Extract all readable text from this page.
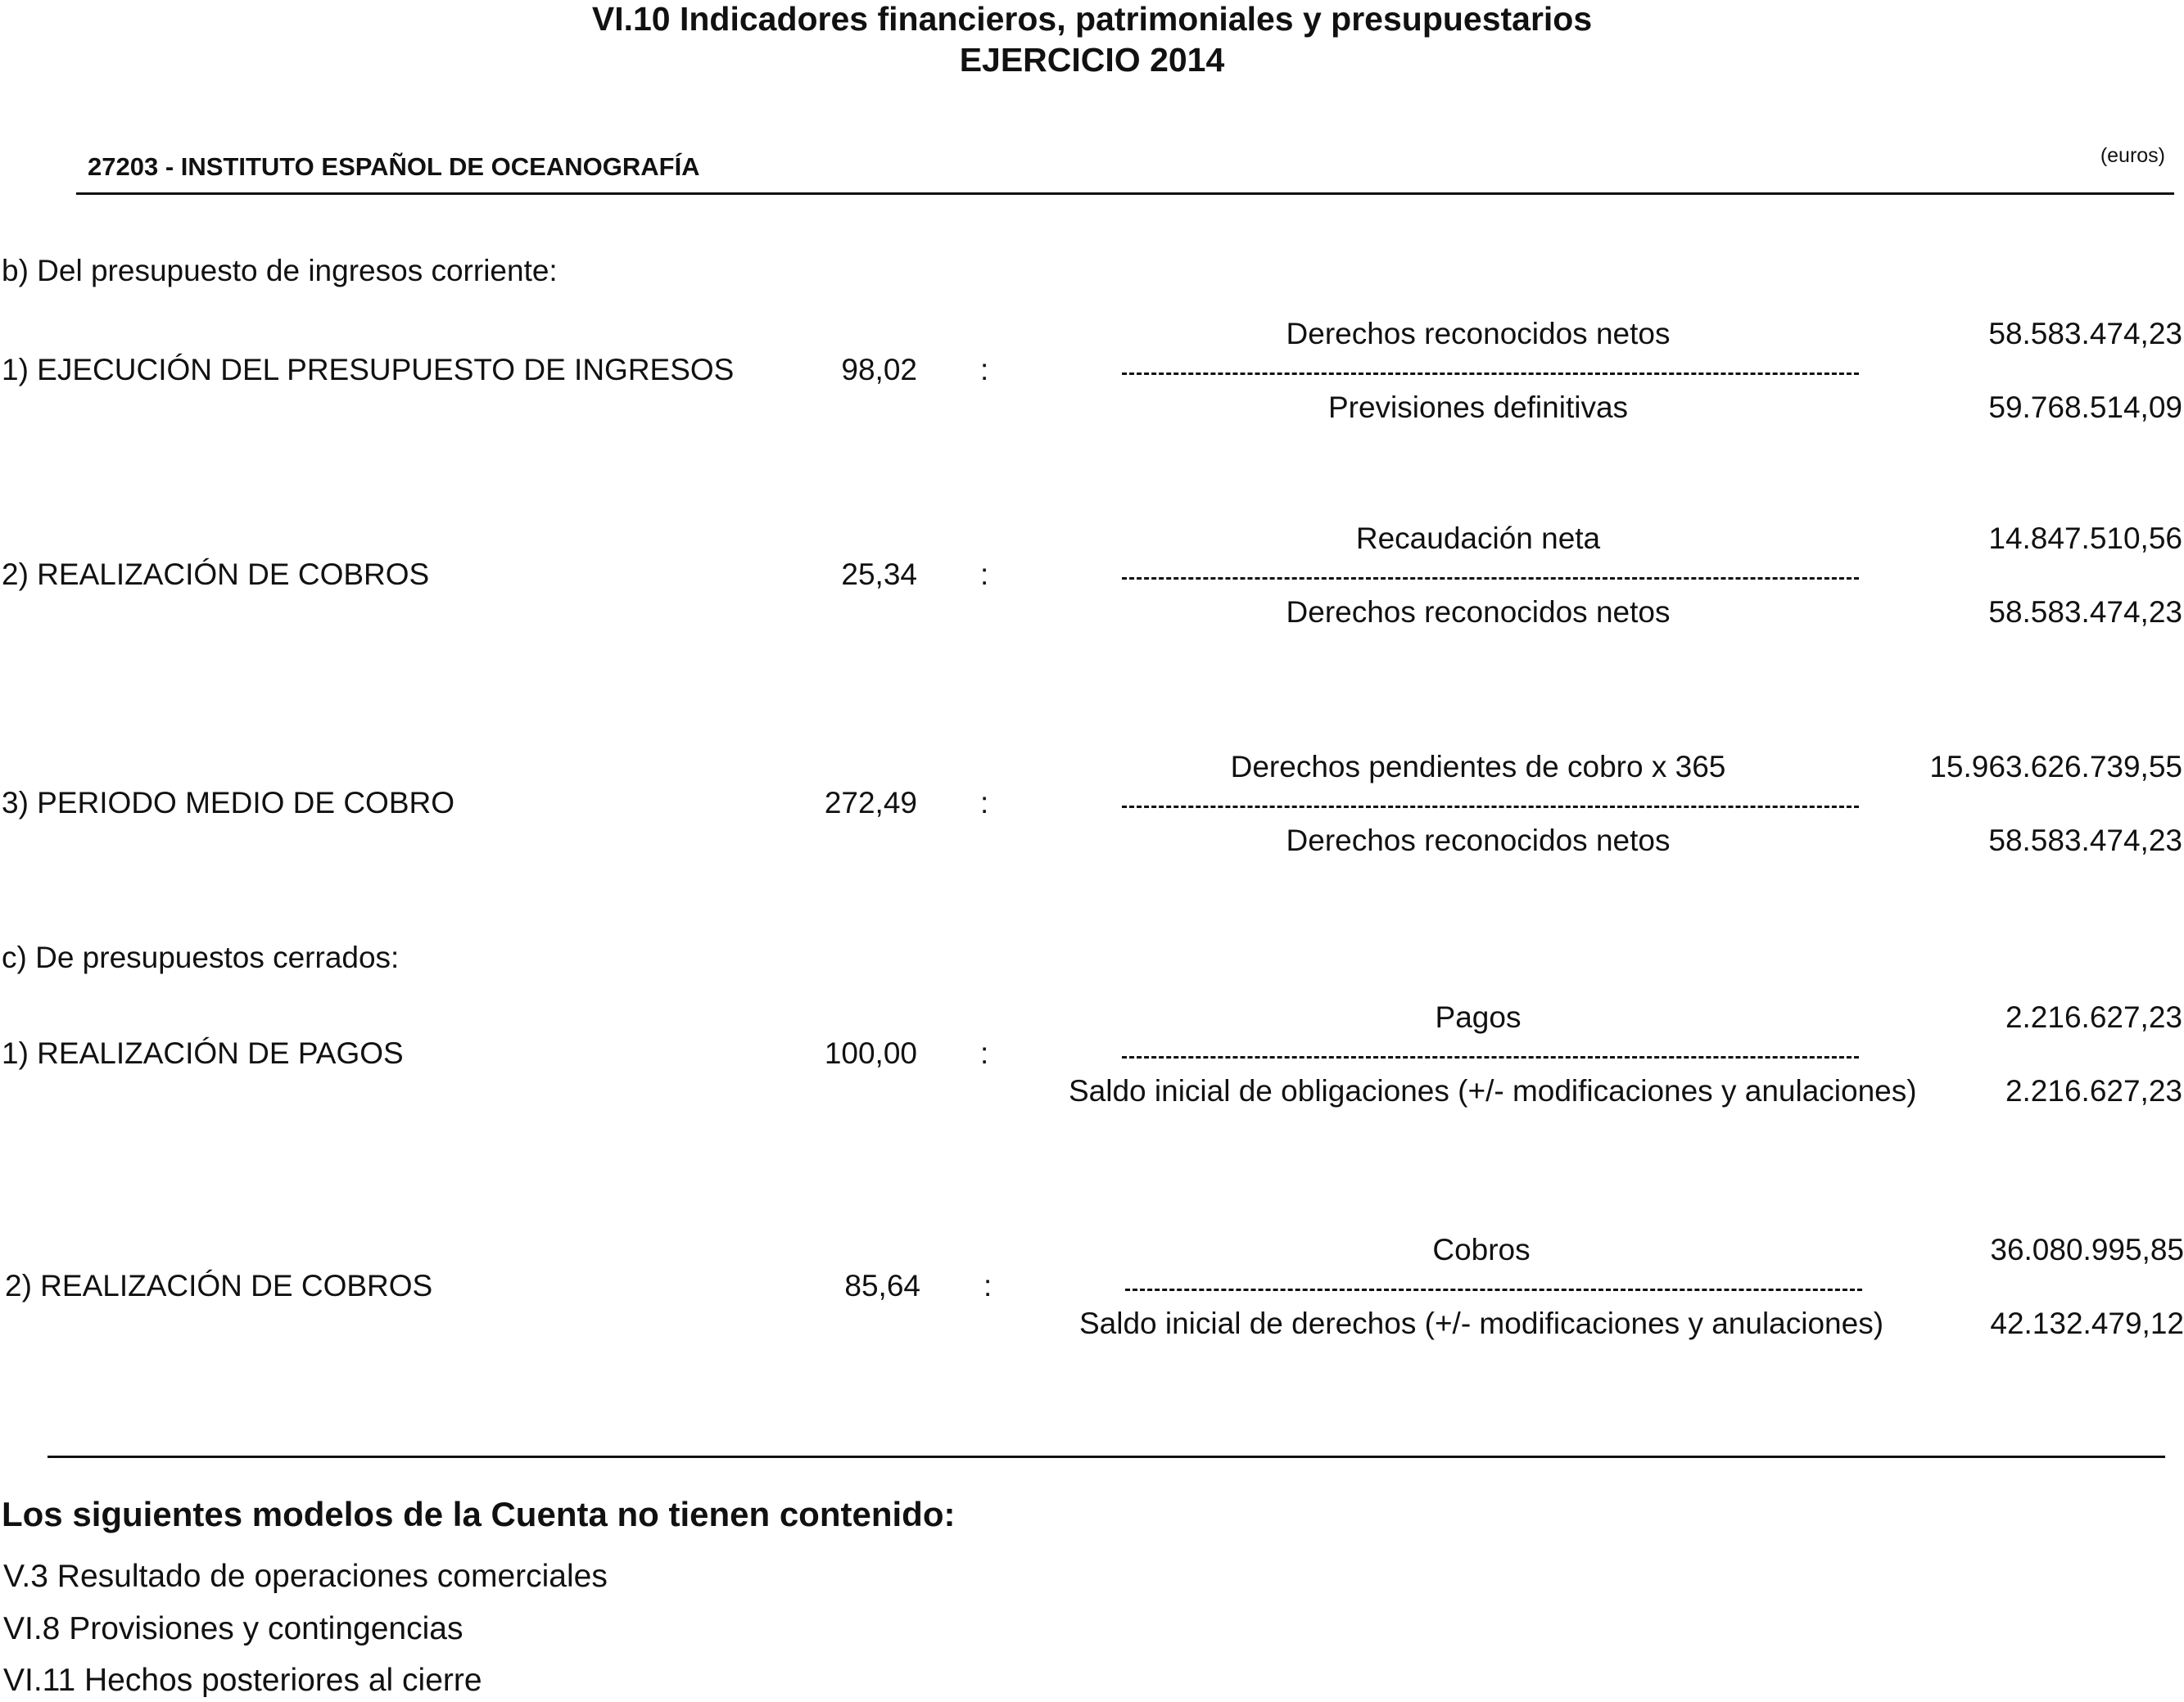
VI.10 Indicadores financieros, patrimoniales y presupuestarios
EJERCICIO 2014
27203 - INSTITUTO ESPAÑOL DE OCEANOGRAFÍA	(euros)
b) Del presupuesto de ingresos corriente:
1) EJECUCIÓN DEL PRESUPUESTO DE INGRESOS	98,02 :
Derechos reconocidos netos	58.583.474,23
Previsiones definitivas	59.768.514,09
2) REALIZACIÓN DE COBROS	25,34 :
Recaudación neta	14.847.510,56
Derechos reconocidos netos	58.583.474,23
3) PERIODO MEDIO DE COBRO	272,49 :
Derechos pendientes de cobro x 365	15.963.626.739,55
Derechos reconocidos netos	58.583.474,23
c) De presupuestos cerrados:
1) REALIZACIÓN DE PAGOS	100,00 :
Pagos	2.216.627,23
Saldo inicial de obligaciones (+/- modificaciones y anulaciones)	2.216.627,23
2) REALIZACIÓN DE COBROS	85,64 :
Cobros	36.080.995,85
Saldo inicial de derechos (+/- modificaciones y anulaciones)	42.132.479,12
Los siguientes modelos de la Cuenta no tienen contenido:
V.3 Resultado de operaciones comerciales
VI.8 Provisiones y contingencias
VI.11 Hechos posteriores al cierre
